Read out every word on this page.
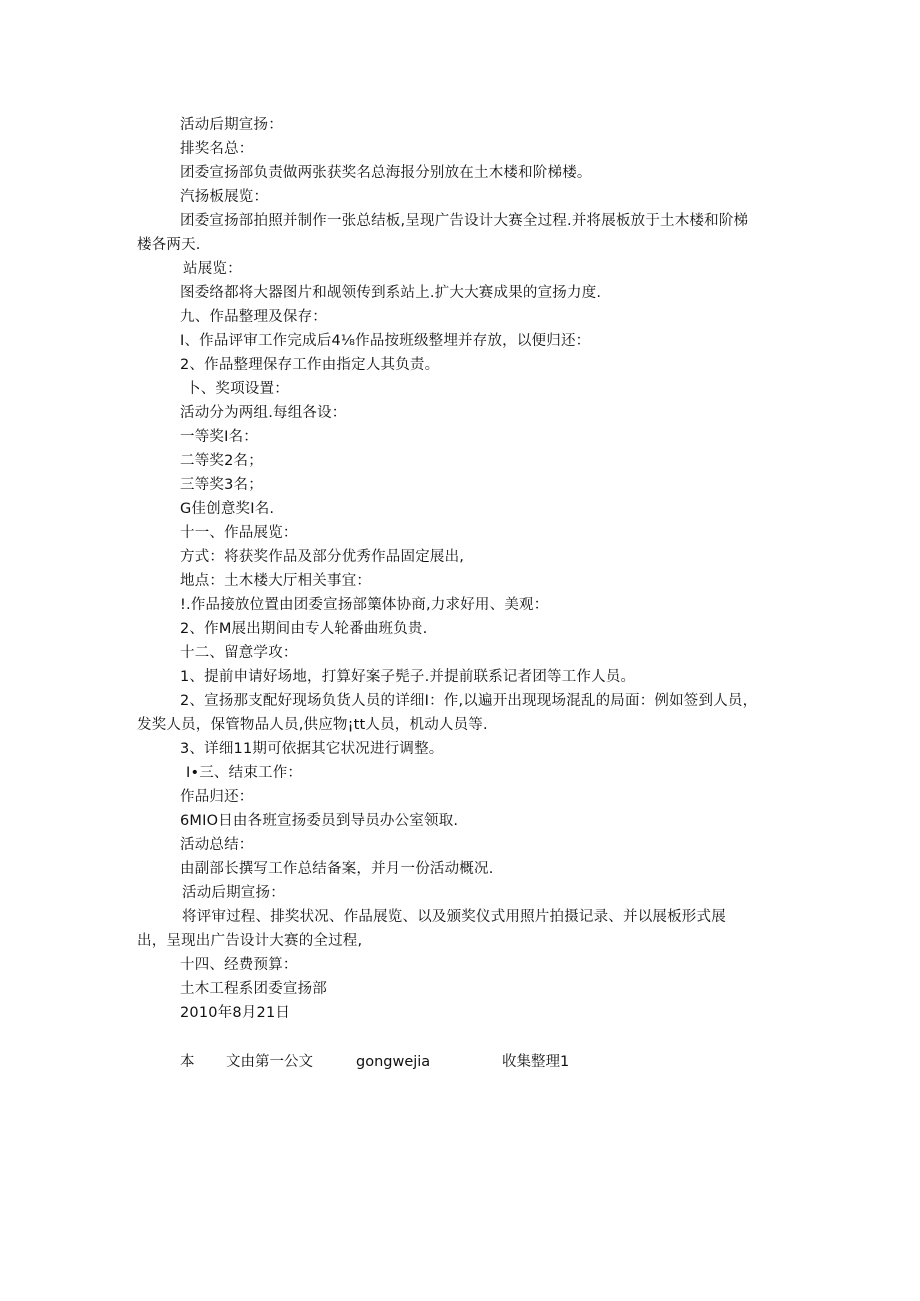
活动后期宣扬：
排奖名总：
团委宣扬部负责做两张获奖名总海报分别放在土木楼和阶梯楼。
汽扬板展览：
团委宣扬部拍照并制作一张总结板,呈现广告设计大赛全过程.并将展板放于土木楼和阶梯
楼各两天.
站展览：
图委络都将大器图片和觇领传到系站上.扩大大赛成果的宣扬力度.
九、作品整理及保存：
I、作品评审工作完成后4⅛作品按班级整埋并存放，以便归还：
2、作品整理保存工作由指定人其负责。
卜、奖项设置：
活动分为两组.每组各设：
一等奖I名：
二等奖2名；
三等奖3名；
G佳创意奖I名.
十一、作品展览：
方式：将获奖作品及部分优秀作品固定展出,
地点：土木楼大厅相关事宜：
!.作品接放位置由团委宣扬部篥体协商,力求好用、美观：
2、作M展出期间由专人轮番曲班负贵.
十二、留意学攻：
1、提前申请好场地，打算好案子髡子.并提前联系记者团等工作人员。
2、宣扬那支配好现场负货人员的详细I：作,以遍开出现现场混乱的局面：例如签到人员，
发奖人员，保管物品人员,供应物¡tt人员，机动人员等.
3、详细11期可依据其它状况进行调整。
I•三、结束工作：
作品归还：
6MIO日由各班宣扬委员到导员办公室领取.
活动总结：
由副部长撰写工作总结备案，并月一份活动概况.
活动后期宣扬：
将评审过程、排奖状况、作品展览、以及颁奖仪式用照片拍摄记录、并以展板形式展
出，呈现出广告设计大赛的全过程,
十四、经费预算：
土木工程系团委宣扬部
2010年8月21日
本 文由第一公文	gongwejia	收集整理1
